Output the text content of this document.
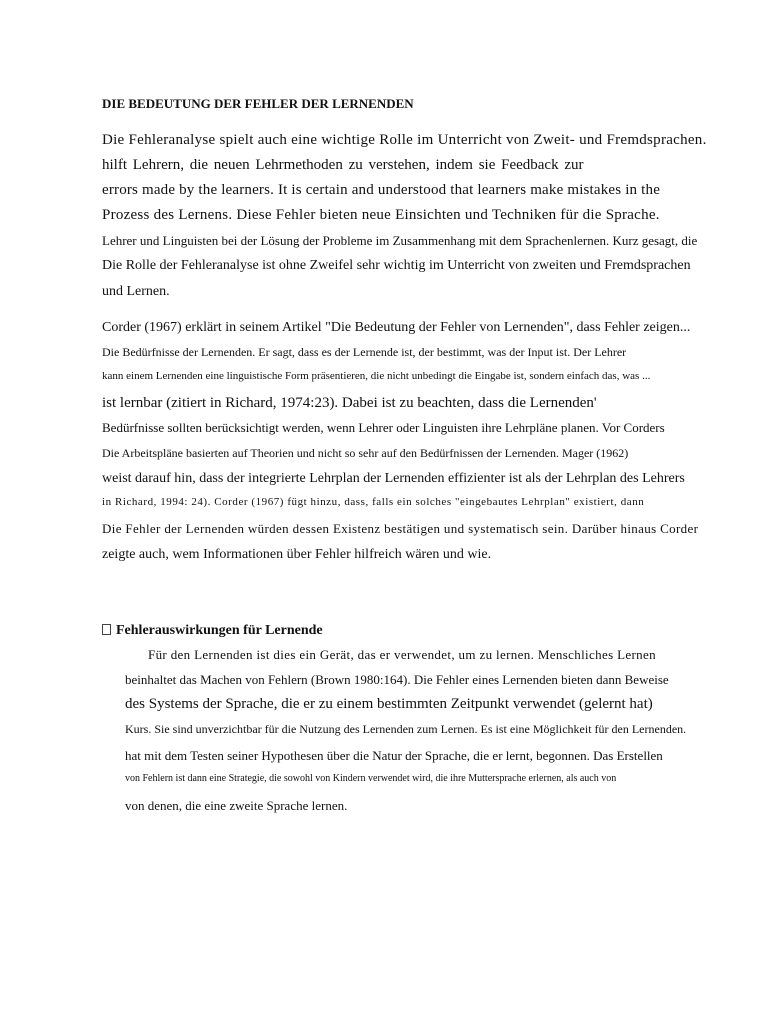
DIE BEDEUTUNG DER FEHLER DER LERNENDEN
Die Fehleranalyse spielt auch eine wichtige Rolle im Unterricht von Zweit- und Fremdsprachen.
hilft Lehrern, die neuen Lehrmethoden zu verstehen, indem sie Feedback zur
errors made by the learners. It is certain and understood that learners make mistakes in the
Prozess des Lernens. Diese Fehler bieten neue Einsichten und Techniken für die Sprache.
Lehrer und Linguisten bei der Lösung der Probleme im Zusammenhang mit dem Sprachenlernen. Kurz gesagt, die
Die Rolle der Fehleranalyse ist ohne Zweifel sehr wichtig im Unterricht von zweiten und Fremdsprachen
und Lernen.
Corder (1967) erklärt in seinem Artikel "Die Bedeutung der Fehler von Lernenden", dass Fehler zeigen...
Die Bedürfnisse der Lernenden. Er sagt, dass es der Lernende ist, der bestimmt, was der Input ist. Der Lehrer
kann einem Lernenden eine linguistische Form präsentieren, die nicht unbedingt die Eingabe ist, sondern einfach das, was ...
ist lernbar (zitiert in Richard, 1974:23). Dabei ist zu beachten, dass die Lernenden'
Bedürfnisse sollten berücksichtigt werden, wenn Lehrer oder Linguisten ihre Lehrpläne planen. Vor Corders
Die Arbeitspläne basierten auf Theorien und nicht so sehr auf den Bedürfnissen der Lernenden. Mager (1962)
weist darauf hin, dass der integrierte Lehrplan der Lernenden effizienter ist als der Lehrplan des Lehrers
in Richard, 1994: 24). Corder (1967) fügt hinzu, dass, falls ein solches "eingebautes Lehrplan" existiert, dann
Die Fehler der Lernenden würden dessen Existenz bestätigen und systematisch sein. Darüber hinaus Corder
zeigte auch, wem Informationen über Fehler hilfreich wären und wie.
Fehlerauswirkungen für Lernende
Für den Lernenden ist dies ein Gerät, das er verwendet, um zu lernen. Menschliches Lernen
beinhaltet das Machen von Fehlern (Brown 1980:164). Die Fehler eines Lernenden bieten dann Beweise
des Systems der Sprache, die er zu einem bestimmten Zeitpunkt verwendet (gelernt hat)
Kurs. Sie sind unverzichtbar für die Nutzung des Lernenden zum Lernen. Es ist eine Möglichkeit für den Lernenden.
hat mit dem Testen seiner Hypothesen über die Natur der Sprache, die er lernt, begonnen. Das Erstellen
von Fehlern ist dann eine Strategie, die sowohl von Kindern verwendet wird, die ihre Muttersprache erlernen, als auch von
von denen, die eine zweite Sprache lernen.
